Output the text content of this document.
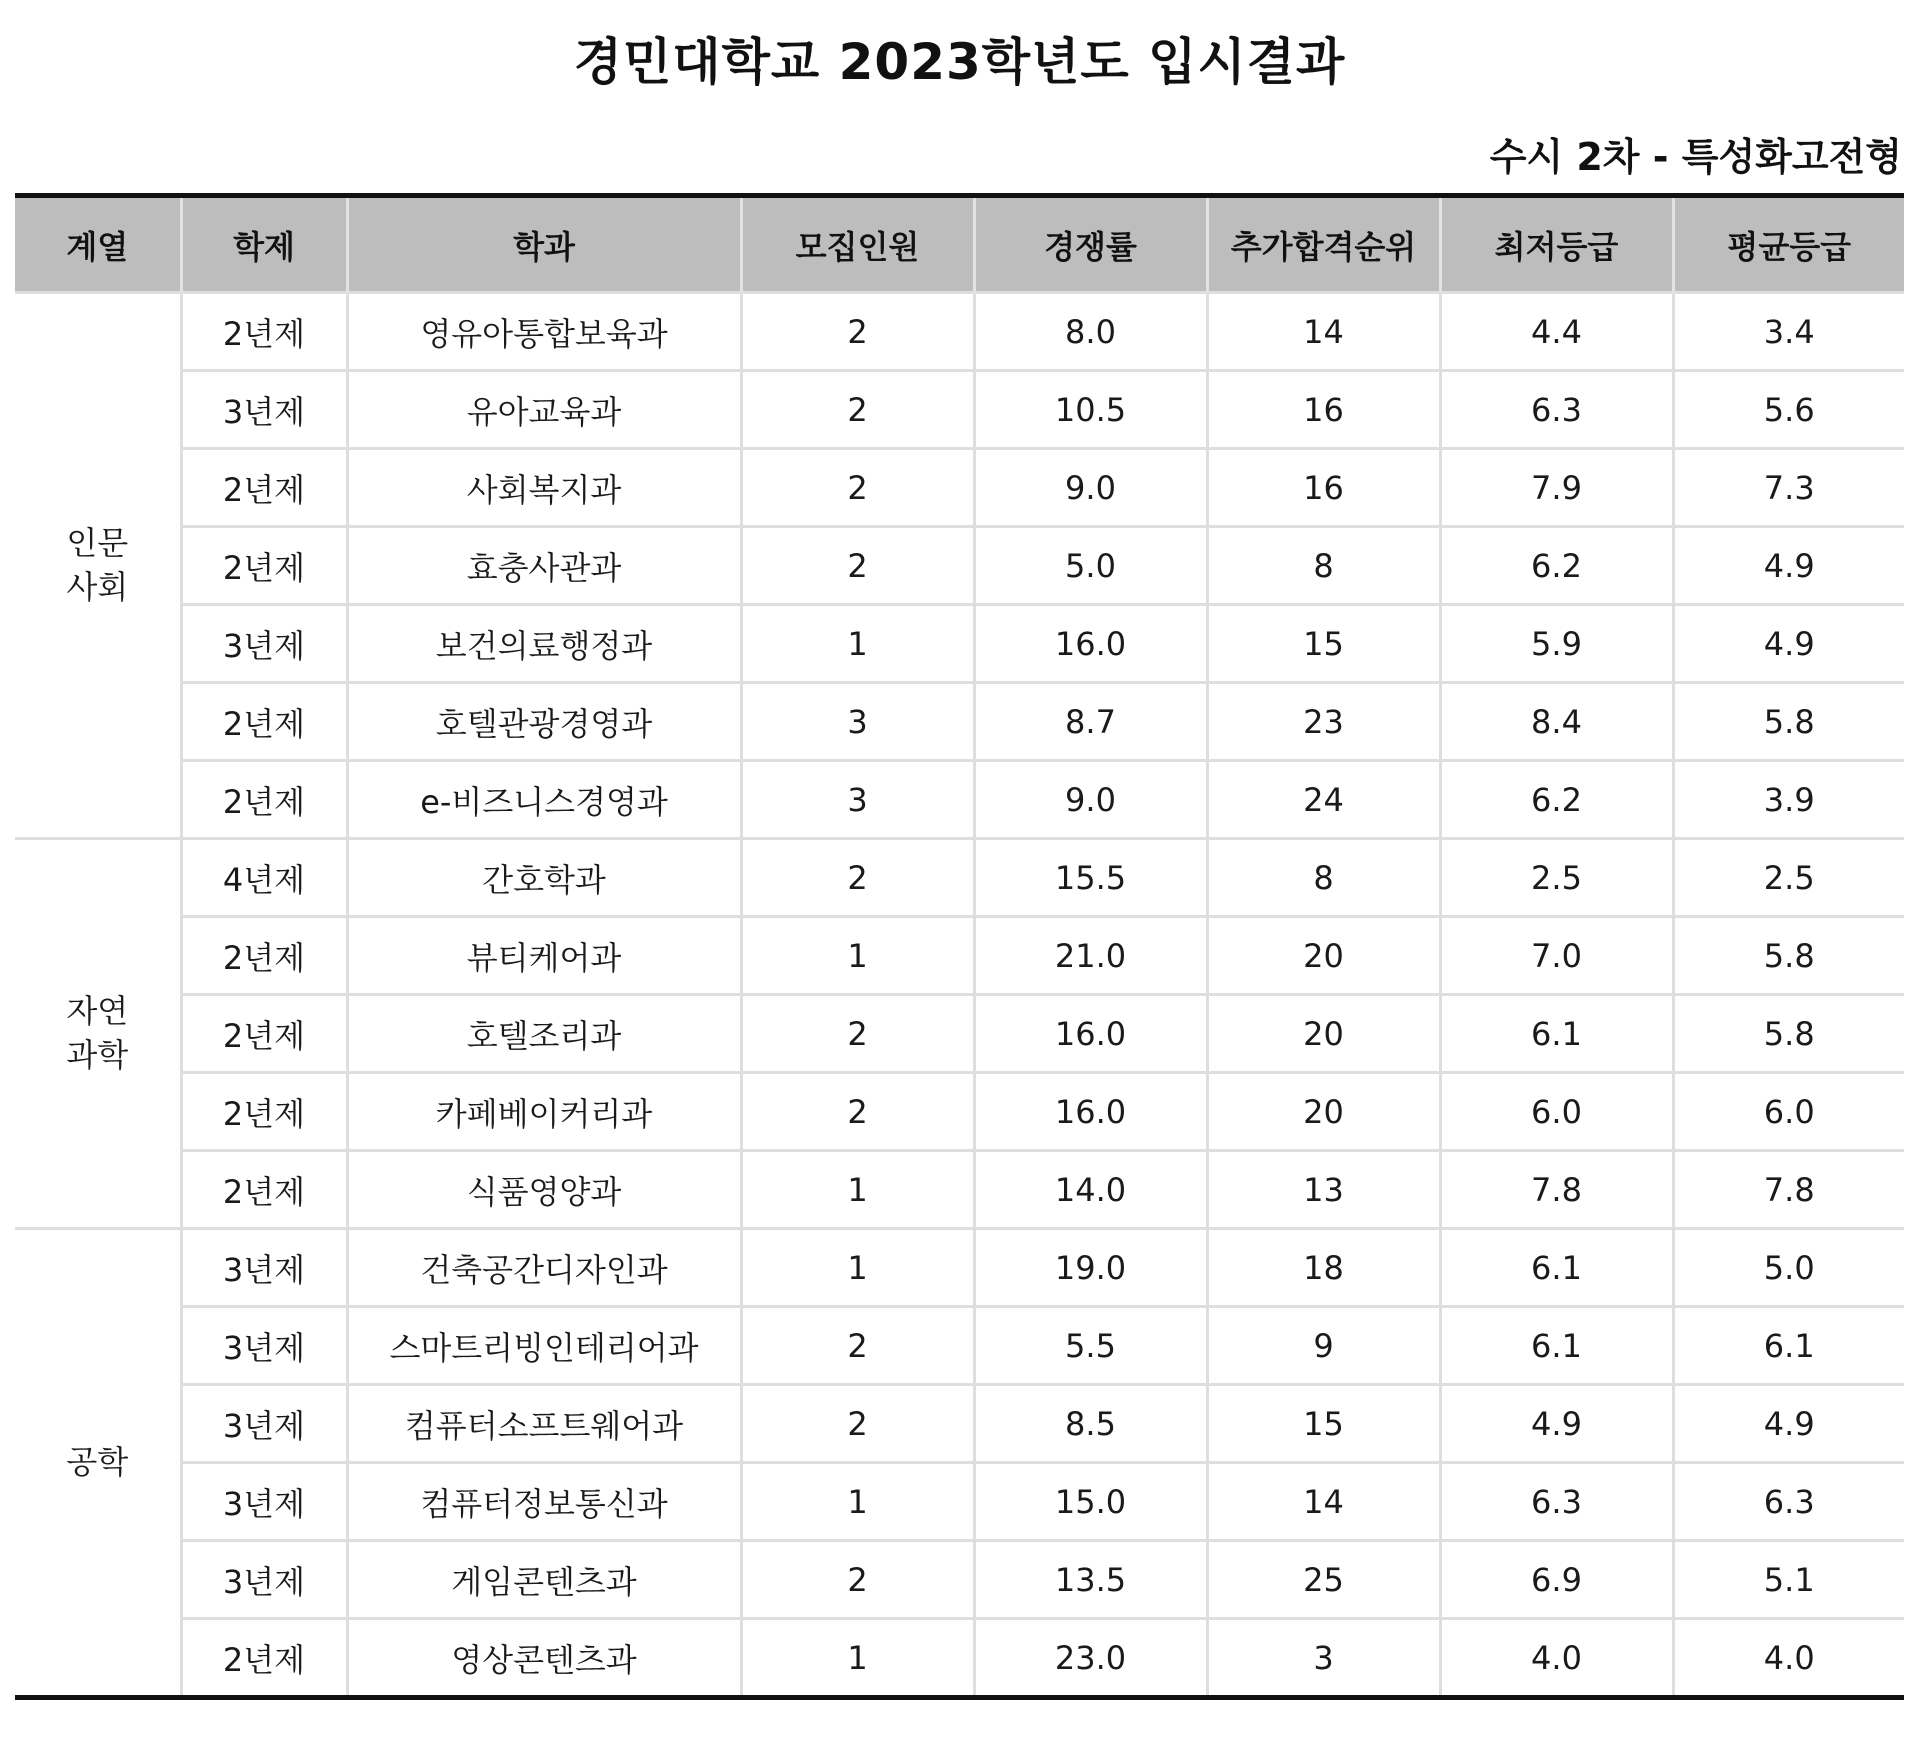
경민대학교 2023학년도 입시결과
수시 2차 - 특성화고전형
계열	학제	학과	모집인원	경쟁률	추가합격순위	최저등급	평균등급

인문
사회	2년제	영유아통합보육과	2	8.0	14	4.4	3.4
	3년제	유아교육과	2	10.5	16	6.3	5.6
	2년제	사회복지과	2	9.0	16	7.9	7.3
	2년제	효충사관과	2	5.0	8	6.2	4.9
	3년제	보건의료행정과	1	16.0	15	5.9	4.9
	2년제	호텔관광경영과	3	8.7	23	8.4	5.8
	2년제	e-비즈니스경영과	3	9.0	24	6.2	3.9

자연
과학	4년제	간호학과	2	15.5	8	2.5	2.5
	2년제	뷰티케어과	1	21.0	20	7.0	5.8
	2년제	호텔조리과	2	16.0	20	6.1	5.8
	2년제	카페베이커리과	2	16.0	20	6.0	6.0
	2년제	식품영양과	1	14.0	13	7.8	7.8

공학	3년제	건축공간디자인과	1	19.0	18	6.1	5.0
	3년제	스마트리빙인테리어과	2	5.5	9	6.1	6.1
	3년제	컴퓨터소프트웨어과	2	8.5	15	4.9	4.9
	3년제	컴퓨터정보통신과	1	15.0	14	6.3	6.3
	3년제	게임콘텐츠과	2	13.5	25	6.9	5.1
	2년제	영상콘텐츠과	1	23.0	3	4.0	4.0
